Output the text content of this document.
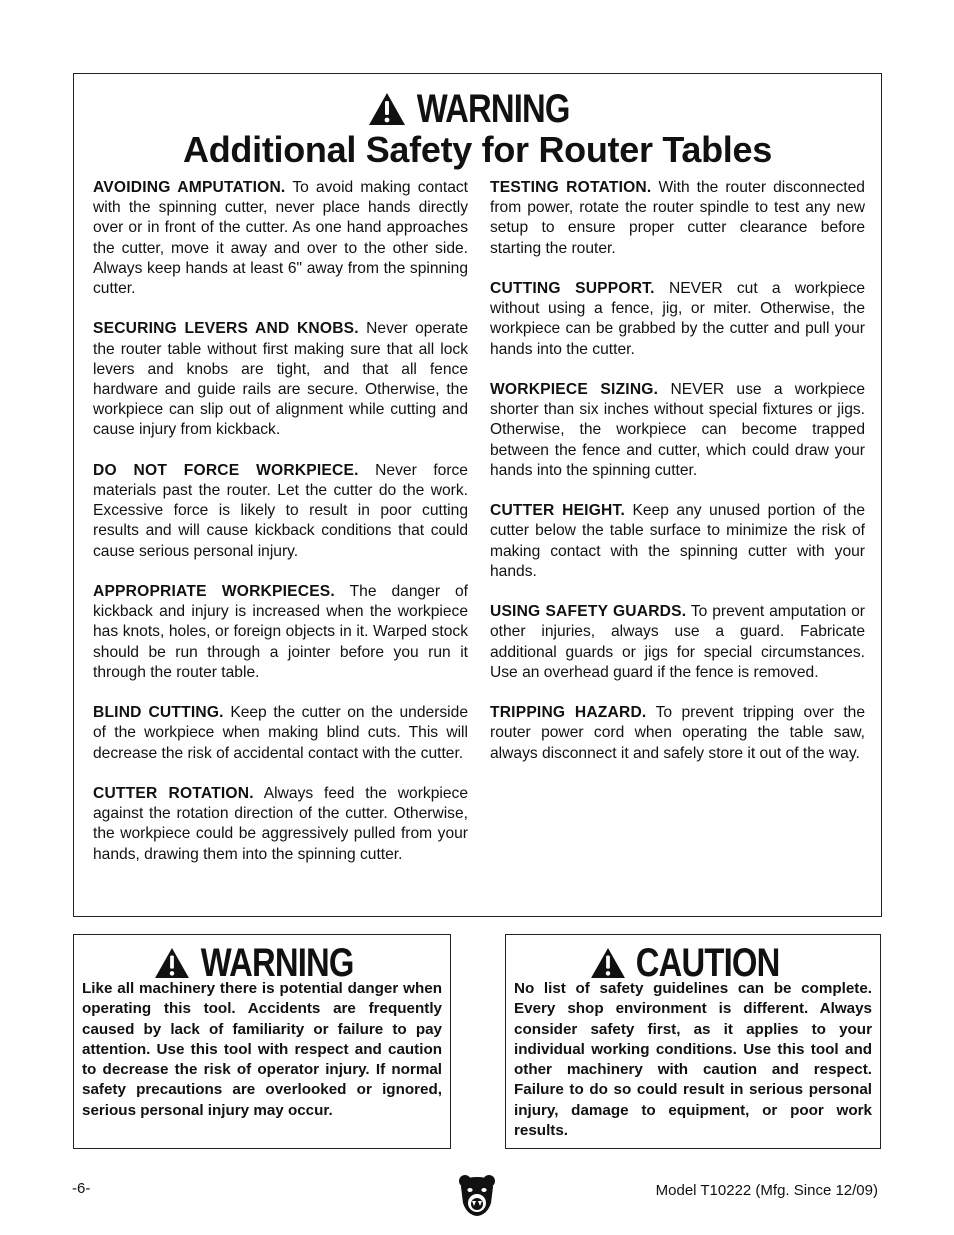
WARNING
Additional Safety for Router Tables

AVOIDING AMPUTATION. To avoid making contact with the spinning cutter, never place hands directly over or in front of the cutter. As one hand approaches the cutter, move it away and over to the other side. Always keep hands at least 6" away from the spinning cutter.

SECURING LEVERS AND KNOBS. Never operate the router table without first making sure that all lock levers and knobs are tight, and that all fence hardware and guide rails are secure. Otherwise, the workpiece can slip out of alignment while cutting and cause injury from kickback.

DO NOT FORCE WORKPIECE. Never force materials past the router. Let the cutter do the work. Excessive force is likely to result in poor cutting results and will cause kickback conditions that could cause serious personal injury.

APPROPRIATE WORKPIECES. The danger of kickback and injury is increased when the workpiece has knots, holes, or foreign objects in it. Warped stock should be run through a jointer before you run it through the router table.

BLIND CUTTING. Keep the cutter on the underside of the workpiece when making blind cuts. This will decrease the risk of accidental contact with the cutter.

CUTTER ROTATION. Always feed the workpiece against the rotation direction of the cutter. Otherwise, the workpiece could be aggressively pulled from your hands, drawing them into the spinning cutter.

TESTING ROTATION. With the router disconnected from power, rotate the router spindle to test any new setup to ensure proper cutter clearance before starting the router.

CUTTING SUPPORT. NEVER cut a workpiece without using a fence, jig, or miter. Otherwise, the workpiece can be grabbed by the cutter and pull your hands into the cutter.

WORKPIECE SIZING. NEVER use a workpiece shorter than six inches without special fixtures or jigs. Otherwise, the workpiece can become trapped between the fence and cutter, which could draw your hands into the spinning cutter.

CUTTER HEIGHT. Keep any unused portion of the cutter below the table surface to minimize the risk of making contact with the spinning cutter with your hands.

USING SAFETY GUARDS. To prevent amputation or other injuries, always use a guard. Fabricate additional guards or jigs for special circumstances. Use an overhead guard if the fence is removed.

TRIPPING HAZARD. To prevent tripping over the router power cord when operating the table saw, always disconnect it and safely store it out of the way.

WARNING
Like all machinery there is potential danger when operating this tool. Accidents are frequently caused by lack of familiarity or failure to pay attention. Use this tool with respect and caution to decrease the risk of operator injury. If normal safety precautions are overlooked or ignored, serious personal injury may occur.
CAUTION
No list of safety guidelines can be complete. Every shop environment is different. Always consider safety first, as it applies to your individual working conditions. Use this tool and other machinery with caution and respect. Failure to do so could result in serious personal injury, damage to equipment, or poor work results.
-6-	Model T10222 (Mfg. Since 12/09)
